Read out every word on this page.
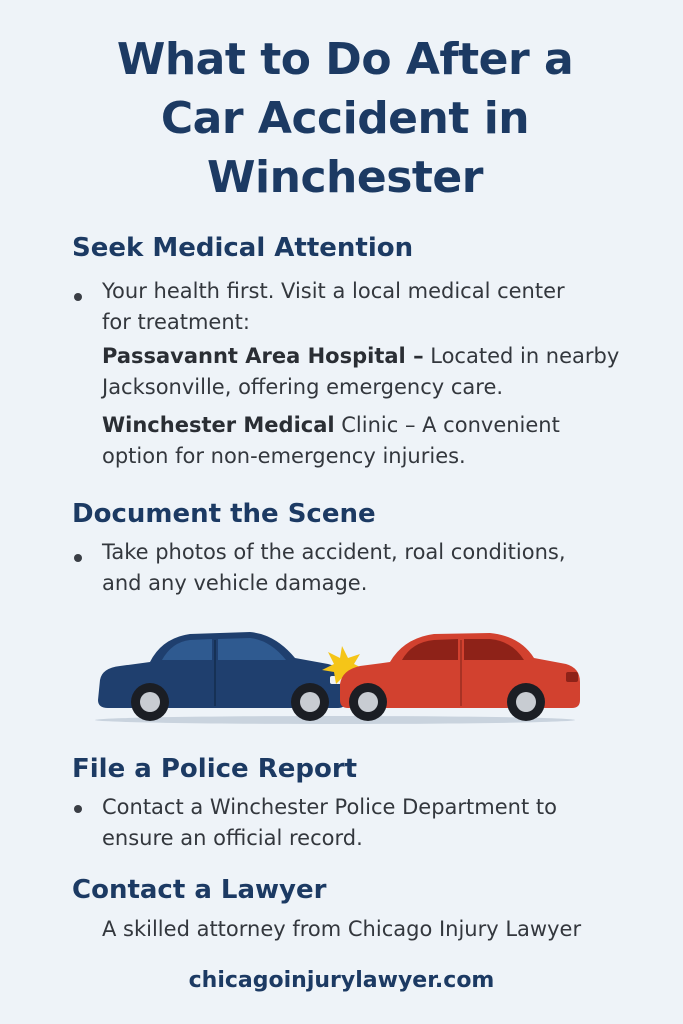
What to Do After a
Car Accident in
Winchester
Seek Medical Attention
Your health first. Visit a local medical center
for treatment:
Passavannt Area Hospital – Located in nearby
Jacksonville, offering emergency care.
Winchester Medical Clinic – A convenient
option for non-emergency injuries.
Document the Scene
Take photos of the accident, roal conditions,
and any vehicle damage.
File a Police Report
Contact a Winchester Police Department to
ensure an official record.
Contact a Lawyer
A skilled attorney from Chicago Injury Lawyer
chicagoinjurylawyer.com
